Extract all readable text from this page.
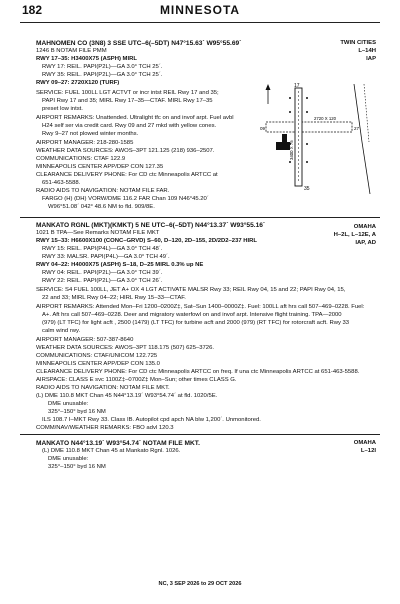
182	MINNESOTA
MAHNOMEN CO (3N8) 3 SSE UTC–6(–5DT) N47°15.63´ W95°55.69´
1246 B NOTAM FILE PMM
RWY 17–35: H3400X75 (ASPH) MIRL
RWY 17: REIL. PAPI(P2L)—GA 3.0° TCH 25´.
RWY 35: REIL. PAPI(P2L)—GA 3.0° TCH 25´.
RWY 09–27: 2720X120 (TURF)
SERVICE: FUEL 100LL LGT ACTVT or incr intst REIL Rwy 17 and 35;
PAPI Rwy 17 and 35; MIRL Rwy 17–35—CTAF. MIRL Rwy 17–35
preset low intst.
AIRPORT REMARKS: Unattended. Ultralight tfc on and invof arpt. Fuel avbl
H24 self ser via credit card. Rwy 09 and 27 mkd with yellow cones.
Rwy 9–27 not plowed winter months.
AIRPORT MANAGER: 218-280-1585
WEATHER DATA SOURCES: AWOS–3PT 121.125 (218) 936–2507.
COMMUNICATIONS: CTAF 122.9
MINNEAPOLIS CENTER APP/DEP CON 127.35
CLEARANCE DELIVERY PHONE: For CD ctc Minneapolis ARTCC at
651-463-5588.
RADIO AIDS TO NAVIGATION: NOTAM FILE FAR.
FARGO (H) (DH) VORW/DME 116.2 FAR Chan 109 N46°45.20´
W96°51.08´ 042° 48.6 NM to fld. 909/8E.
TWIN CITIES
L–14H
IAP
17
35
27
09
2720 X 120
3400 X 75
MANKATO RGNL (MKT)(KMKT) 5 NE UTC–6(–5DT) N44°13.37´ W93°55.16´
1021 B TPA—See Remarks NOTAM FILE MKT
RWY 15–33: H6600X100 (CONC–GRVD) S–60, D–120, 2D–155, 2D/2D2–237 HIRL
RWY 15: REIL. PAPI(P4L)—GA 3.0° TCH 48´.
RWY 33: MALSR. PAPI(P4L)—GA 3.0° TCH 49´.
RWY 04–22: H4000X75 (ASPH) S–18, D–25 MIRL 0.3% up NE
RWY 04: REIL. PAPI(P2L)—GA 3.0° TCH 39´.
RWY 22: REIL. PAPI(P2L)—GA 3.0° TCH 26´.
SERVICE: S4 FUEL 100LL, JET A+ OX 4 LGT ACTIVATE MALSR Rwy 33; REIL Rwy 04, 15 and 22; PAPI Rwy 04, 15,
22 and 33; MIRL Rwy 04–22; HIRL Rwy 15–33—CTAF.
AIRPORT REMARKS: Attended Mon–Fri 1200–0200Z‡, Sat–Sun 1400–0000Z‡. Fuel: 100LL aft hrs call 507–469–0228. Fuel:
A+. Aft hrs call 507–469–0228. Deer and migratory waterfowl on and invof arpt. Intensive flight training. TPA—2000
(979) (LT TFC) for light acft , 2500 (1479) (LT TFC) for turbine acft and 2000 (979) (RT TFC) for rotorcraft acft. Rwy 33
calm wind rwy.
AIRPORT MANAGER: 507-387-8640
WEATHER DATA SOURCES: AWOS–3PT 118.175 (507) 625–3726.
COMMUNICATIONS: CTAF/UNICOM 122.725
MINNEAPOLIS CENTER APP/DEP CON 135.0
CLEARANCE DELIVERY PHONE: For CD ctc Minneapolis ARTCC on freq. If una ctc Minneapolis ARTCC at 651-463-5588.
AIRSPACE: CLASS E svc 1100Z‡–0700Z‡ Mon–Sun; other times CLASS G.
RADIO AIDS TO NAVIGATION: NOTAM FILE MKT.
(L) DME 110.8 MKT Chan 45 N44°13.19´ W93°54.74´ at fld. 1020/5E.
DME unusable:
325°–150° byd 16 NM
ILS 108.7 I–MKT Rwy 33. Class IB. Autopilot cpd apch NA blw 1,200´. Unmonitored.
COMM/NAV/WEATHER REMARKS: FBO advl 120.3
OMAHA
H–2L, L–12E, A
IAP, AD
MANKATO N44°13.19´ W93°54.74´ NOTAM FILE MKT.
(L) DME 110.8 MKT Chan 45 at Mankato Rgnl. 1026.
DME unusable:
325°–150° byd 16 NM
OMAHA
L–12I
NC, 3 SEP 2026 to 29 OCT 2026
